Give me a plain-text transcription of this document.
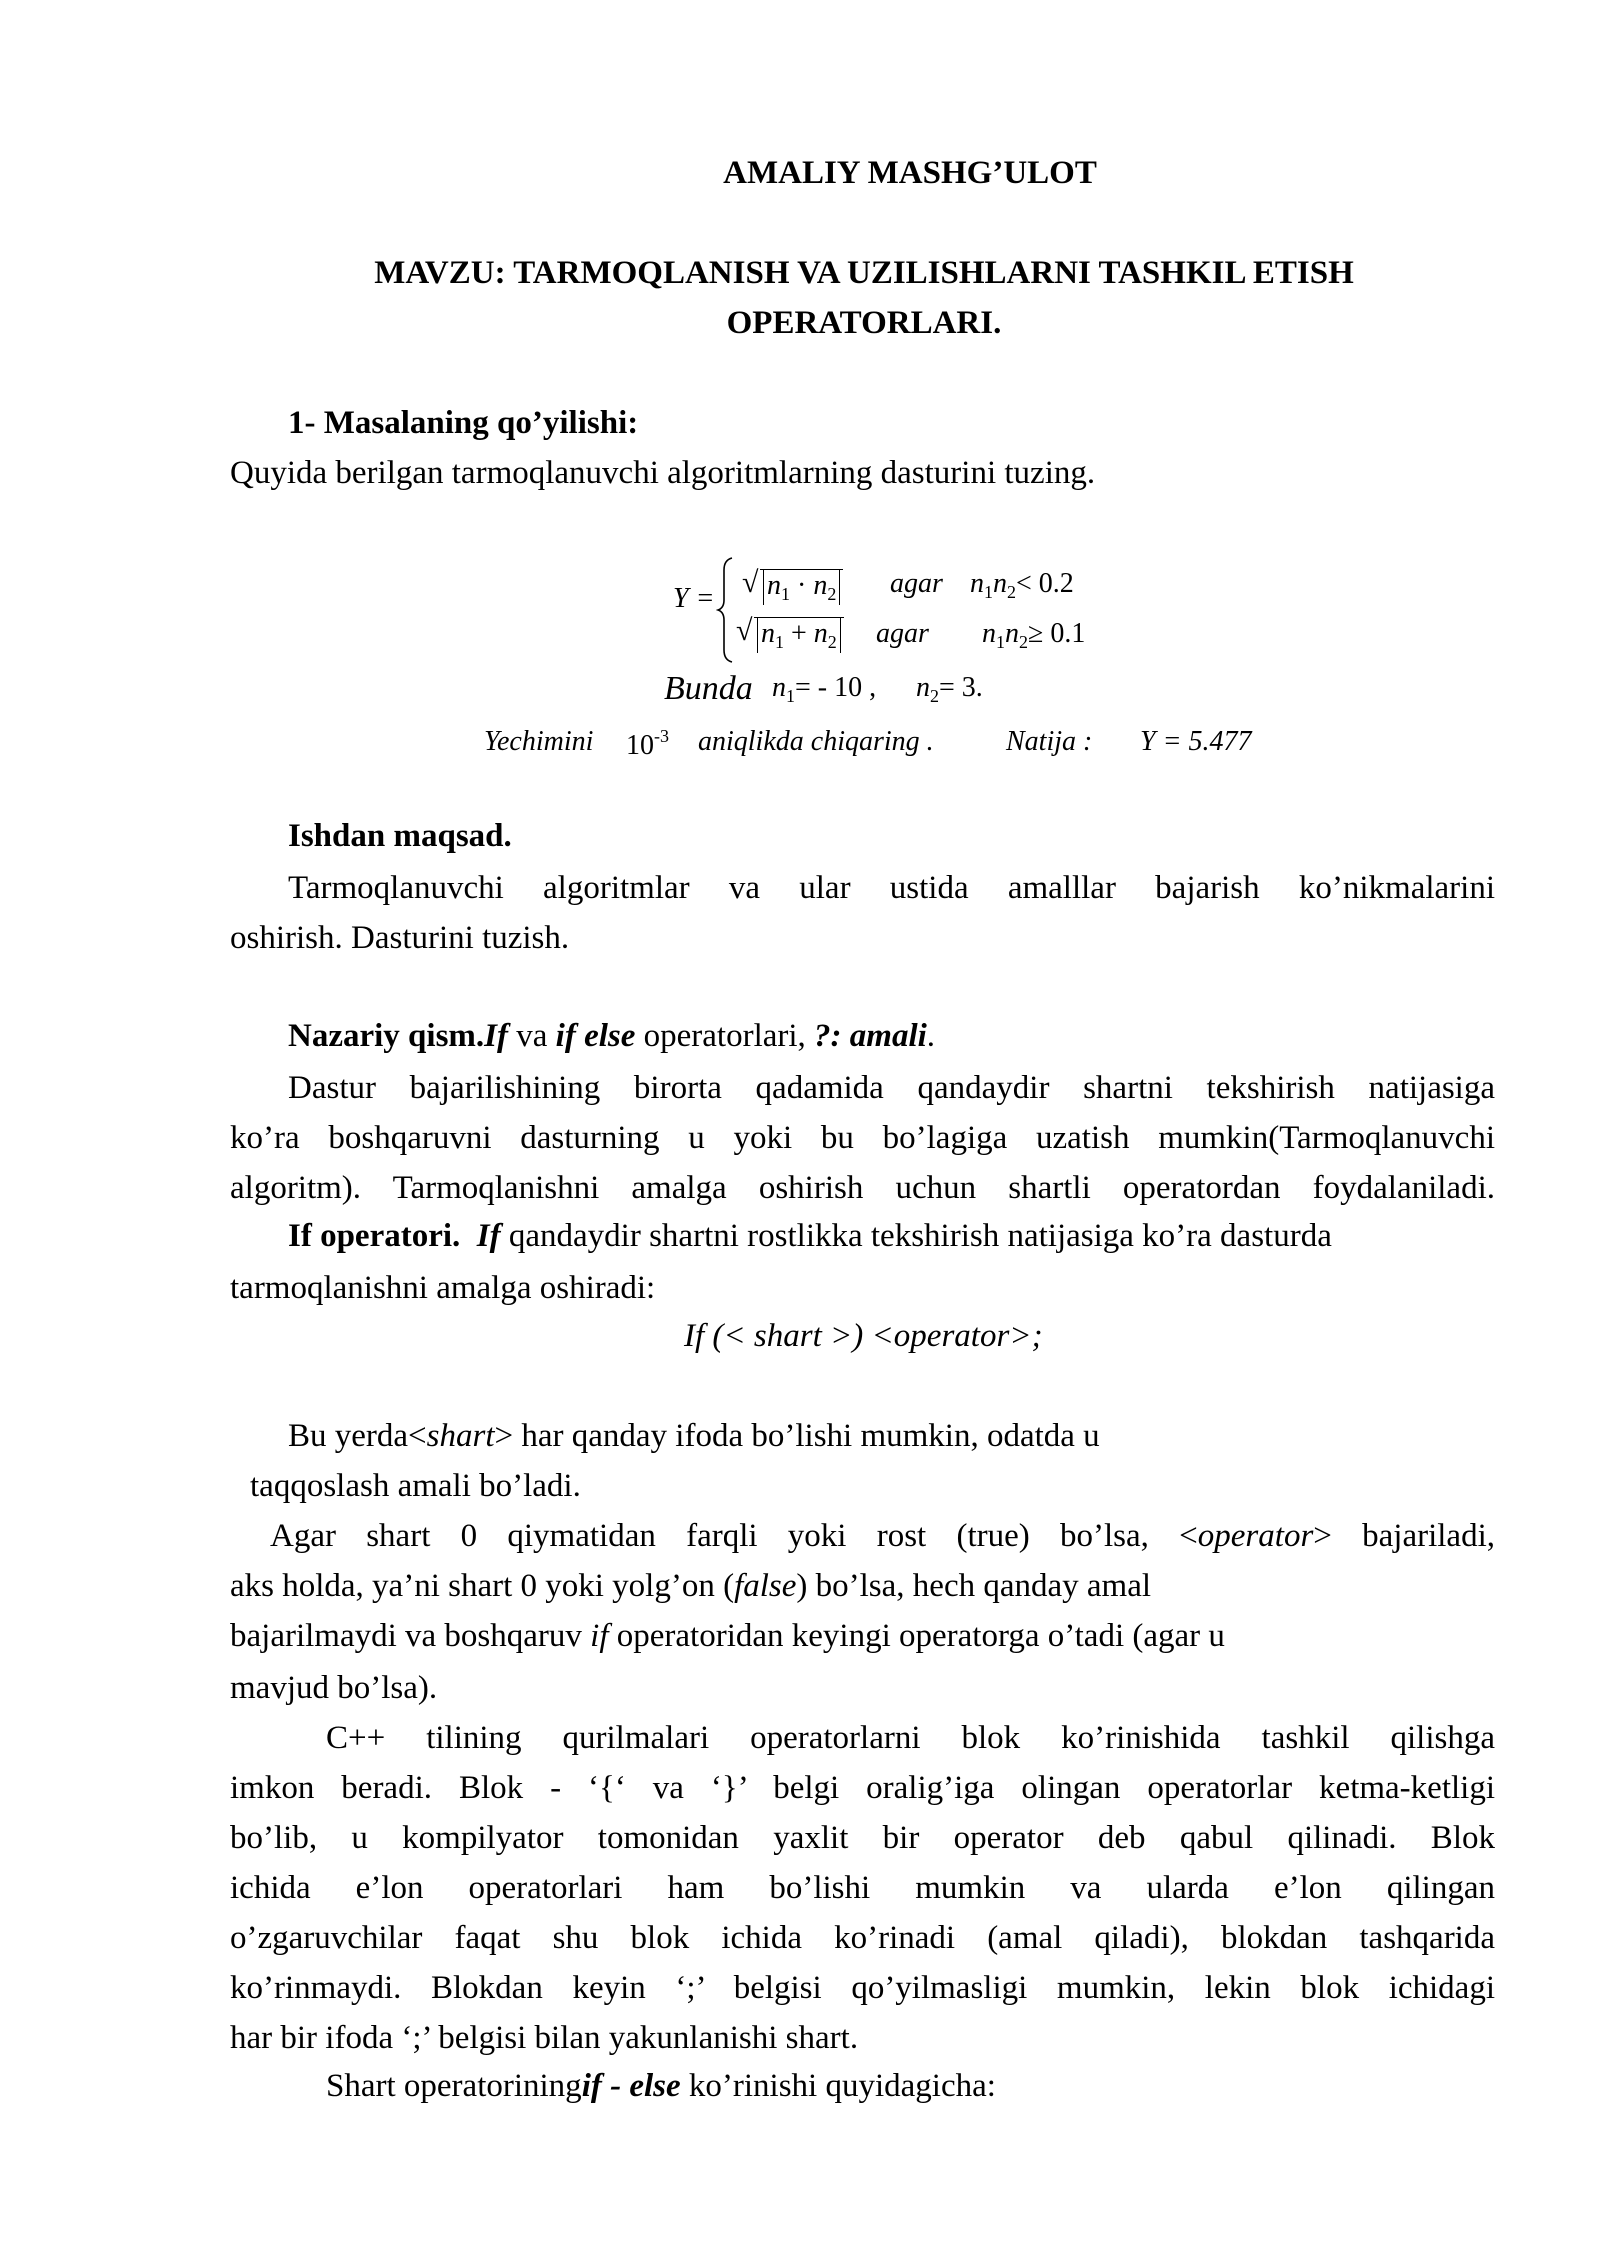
AMALIY MASHG’ULOT
MAVZU: TARMOQLANISH VA UZILISHLARNI TASHKIL ETISH
OPERATORLARI.
1- Masalaning qo’yilishi:
Quyida berilgan tarmoqlanuvchi algoritmlarning dasturini tuzing.
Y = √ $n_1 \cdot n_2$ agar $n_1n_2< 0.2$
√ $n_1 + n_2$ agar $n_1n_2\ge 0.1$
Bunda $n_1= - 10$ , $n_2= 3$.
Yechimini $10^{-3}$ aniqlikda chiqaring .	Natija : Y = 5.477
Ishdan maqsad.
Tarmoqlanuvchi algoritmlar va ular ustida amalllar bajarish ko’nikmalarini
oshirish. Dasturini tuzish.
Nazariy qism.If va if else operatorlari, ?: amali.
Dastur bajarilishining birorta qadamida qandaydir shartni tekshirish natijasiga
ko’ra boshqaruvni dasturning u yoki bu bo’lagiga uzatish mumkin(Tarmoqlanuvchi
algoritm). Tarmoqlanishni amalga oshirish uchun shartli operatordan foydalaniladi.
If operatori. If qandaydir shartni rostlikka tekshirish natijasiga ko’ra dasturda
tarmoqlanishni amalga oshiradi:
If (< shart >) <operator>;
Bu yerda<shart> har qanday ifoda bo’lishi mumkin, odatda u
taqqoslash amali bo’ladi.
Agar shart 0 qiymatidan farqli yoki rost (true) bo’lsa, <operator> bajariladi,
aks holda, ya’ni shart 0 yoki yolg’on (false) bo’lsa, hech qanday amal
bajarilmaydi va boshqaruv if operatoridan keyingi operatorga o’tadi (agar u
mavjud bo’lsa).
C++ tilining qurilmalari operatorlarni blok ko’rinishida tashkil qilishga
imkon beradi. Blok - ‘{‘ va ‘}’ belgi oralig’iga olingan operatorlar ketma-ketligi
bo’lib, u kompilyator tomonidan yaxlit bir operator deb qabul qilinadi. Blok
ichida e’lon operatorlari ham bo’lishi mumkin va ularda e’lon qilingan
o’zgaruvchilar faqat shu blok ichida ko’rinadi (amal qiladi), blokdan tashqarida
ko’rinmaydi. Blokdan keyin ‘;’ belgisi qo’yilmasligi mumkin, lekin blok ichidagi
har bir ifoda ‘;’ belgisi bilan yakunlanishi shart.
Shart operatoriningif - else ko’rinishi quyidagicha:
